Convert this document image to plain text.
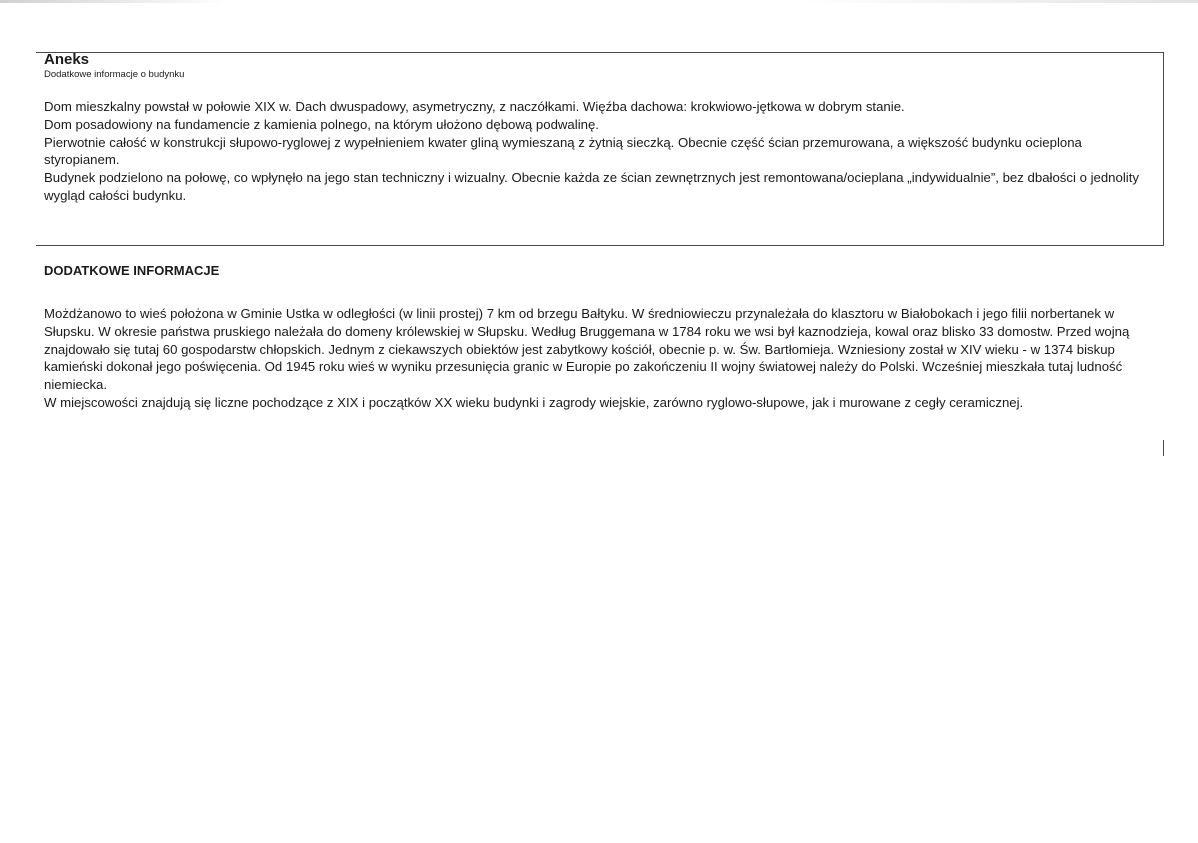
Aneks
Dodatkowe informacje o budynku

Dom mieszkalny powstał w połowie XIX w. Dach dwuspadowy, asymetryczny, z naczółkami. Więźba dachowa: krokwiowo-jętkowa w dobrym stanie.

Dom posadowiony na fundamencie z kamienia polnego, na którym ułożono dębową podwalinę.

Pierwotnie całość w konstrukcji słupowo-ryglowej z wypełnieniem kwater gliną wymieszaną z żytnią sieczką. Obecnie część ścian przemurowana, a większość budynku ocieplona styropianem.

Budynek podzielono na połowę, co wpłynęło na jego stan techniczny i wizualny. Obecnie każda ze ścian zewnętrznych jest remontowana/ocieplana „indywidualnie”, bez dbałości o jednolity wygląd całości budynku.

DODATKOWE INFORMACJE

Możdżanowo to wieś położona w Gminie Ustka w odległości (w linii prostej) 7 km od brzegu Bałtyku. W średniowieczu przynależała do klasztoru w Białobokach i jego filii norbertanek w Słupsku. W okresie państwa pruskiego należała do domeny królewskiej w Słupsku. Według Bruggemana w 1784 roku we wsi był kaznodzieja, kowal oraz blisko 33 domostw. Przed wojną znajdowało się tutaj 60 gospodarstw chłopskich. Jednym z ciekawszych obiektów jest zabytkowy kościół, obecnie p. w. Św. Bartłomieja. Wzniesiony został w XIV wieku - w 1374 biskup kamieński dokonał jego poświęcenia. Od 1945 roku wieś w wyniku przesunięcia granic w Europie po zakończeniu II wojny światowej należy do Polski. Wcześniej mieszkała tutaj ludność niemiecka.

W miejscowości znajdują się liczne pochodzące z XIX i początków XX wieku budynki i zagrody wiejskie, zarówno ryglowo-słupowe, jak i murowane z cegły ceramicznej.
